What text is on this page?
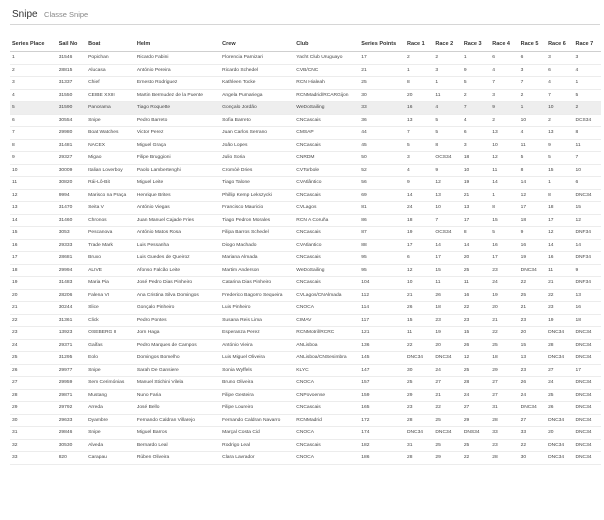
Snipe Classe Snipe
Series Place	Sail No	Boat	Helm	Crew	Club	Series Points	Race 1	Race 2	Race 3	Race 4	Race 5	Race 6	Race 7
1	31546	Popichan	Ricardo Fabini	Florencia Parnizari	Yacht Club Uruguayo	17	2	2	1	6	6	3	3
2	28815	Alucasa	António Pereira	Ricardo Schedel	CVB/CNC	21	1	3	9	4	3	6	4
3	31337	Chief	Ernesto Rodriguez	Kathleen Tocke	RCN Hialeah	25	8	1	5	7	7	4	1
4	31550	CEIBE XXIII	Martin Bermudez de la Puente	Angela Pumariega	RCNMadrid/RCARGijon	30	20	11	2	3	2	7	5
5	31590	Panorama	Tiago Roquette	Gonçalo Jordão	WeDoSailing	33	16	4	7	9	1	10	2
6	30554	Snipe	Pedro Barreto	Sofia Barreto	CNCascais	36	13	5	4	2	10	2	DCS34
7	29980	Boat Watches	Victor Perez	Juan Carlos Serrano	CMSAP	44	7	5	6	13	4	13	8
8	31481	NACEX	Miguel Graça	João Lopes	CNCascais	45	5	8	3	10	11	9	11
9	29327	Migao	Filipe Bruggioni	Julio Soria	CNRDM	50	3	OCS34	18	12	5	5	7
10	30009	Italian Loverboy	Paolo Lambertenghi	Cromòè Dries	CVTorbole	52	4	9	10	11	8	15	10
11	30820	Rái-Lô-Bit	Miguel Leite	Tiago Talone	CVAtlântico	56	9	12	19	14	14	1	6
12	9994	Marisco na Praça	Henrique Brites	Phillip Kemp Lekszycki	CNCascais	69	14	13	21	1	12	8	DNC34
13	31470	Seita V	António Viegas	Francisco Mauricio	CVLagos	81	24	10	13	8	17	18	15
14	31460	Chronos	Juan Manuel Cajade Fries	Tiago Pedron Morales	RCN A Coruña	86	18	7	17	15	18	17	12
15	3053	Pescanova	António Matos Rosa	Filipa Barros Schedel	CNCascais	87	19	OCS34	8	5	9	12	DNF34
16	29333	Trade Mark	Luis Pessanha	Diogo Machado	CVAtlantico	88	17	14	14	16	16	14	14
17	28681	Bruxo	Luis Guedes de Queiroz	Mariana Almada	CNCascais	95	6	17	20	17	19	16	DNF34
18	29994	ALIVE	Afonso Falcão Leite	Martim Anderson	WeDoSailing	95	12	15	25	23	DNC34	11	9
19	31483	Maria Pia	José Pedro Dias Pinheiro	Catarina Dias Pinheiro	CNCascais	104	10	11	11	24	22	21	DNF34
20	28206	Falena VI	Ana Cristina Silva Domingos	Frederico Bagorro Sequeira	CVLagos/CNAlmada	112	21	26	16	19	25	22	13
21	30244	Slice	Gonçalo Pinheiro	Luis Pinheiro	CNOCA	114	26	18	22	20	21	23	16
22	31361	Click	Pedro Pontes	Susana Reis Lima	CIMAV	117	15	23	23	21	23	19	18
23	13923	OSEBERG II	Jorn Haga	Esperanza Perez	RCNMotril/RCRC	121	11	19	15	22	20	DNC34	DNC34
24	29371	Gaífas	Pedro Marques de Campos	António Vieira	ANLisboa	136	22	20	26	25	15	28	DNC34
25	31295	Eolo	Domingos Bomelho	Luis Miguel Oliveira	ANLisboa/CNSesimbra	145	DNC34	DNC34	12	18	13	DNC34	DNC34
26	29977	Snipe	Sarah De Gansiere	Sonia Wyffels	KLYC	147	30	24	25	29	23	27	17
27	29959	Sem Cerimónias	Manuel Stichini Vilela	Bruno Oliveira	CNOCA	157	25	27	28	27	26	24	DNC34
28	29871	Mustang	Nuno Faria	Filipe Gesteira	CNPovoense	159	29	21	24	27	24	25	DNC34
29	29792	Arreda	José Bello	Filipe Loureiro	CNCascais	165	23	22	27	31	DNC34	26	DNC34
30	29633	Dyambre	Fernando Caldran Villarejo	Fernando Caldran Navarro	RCNMadrid	172	28	25	29	28	27	DNC34	DNC34
31	29846	Snipe	Miguel Barros	Marçal Costa Cid	CNOCA	174	DNC34	DNC34	DNS34	33	33	20	DNC34
32	30530	Alveda	Bernardo Leal	Rodrigo Leal	CNCascais	182	31	25	25	23	22	DNC34	DNC34
33	820	Carapau	Rúben Oliveira	Clara Lavrador	CNOCA	186	28	29	22	28	30	DNC34	DNC34
